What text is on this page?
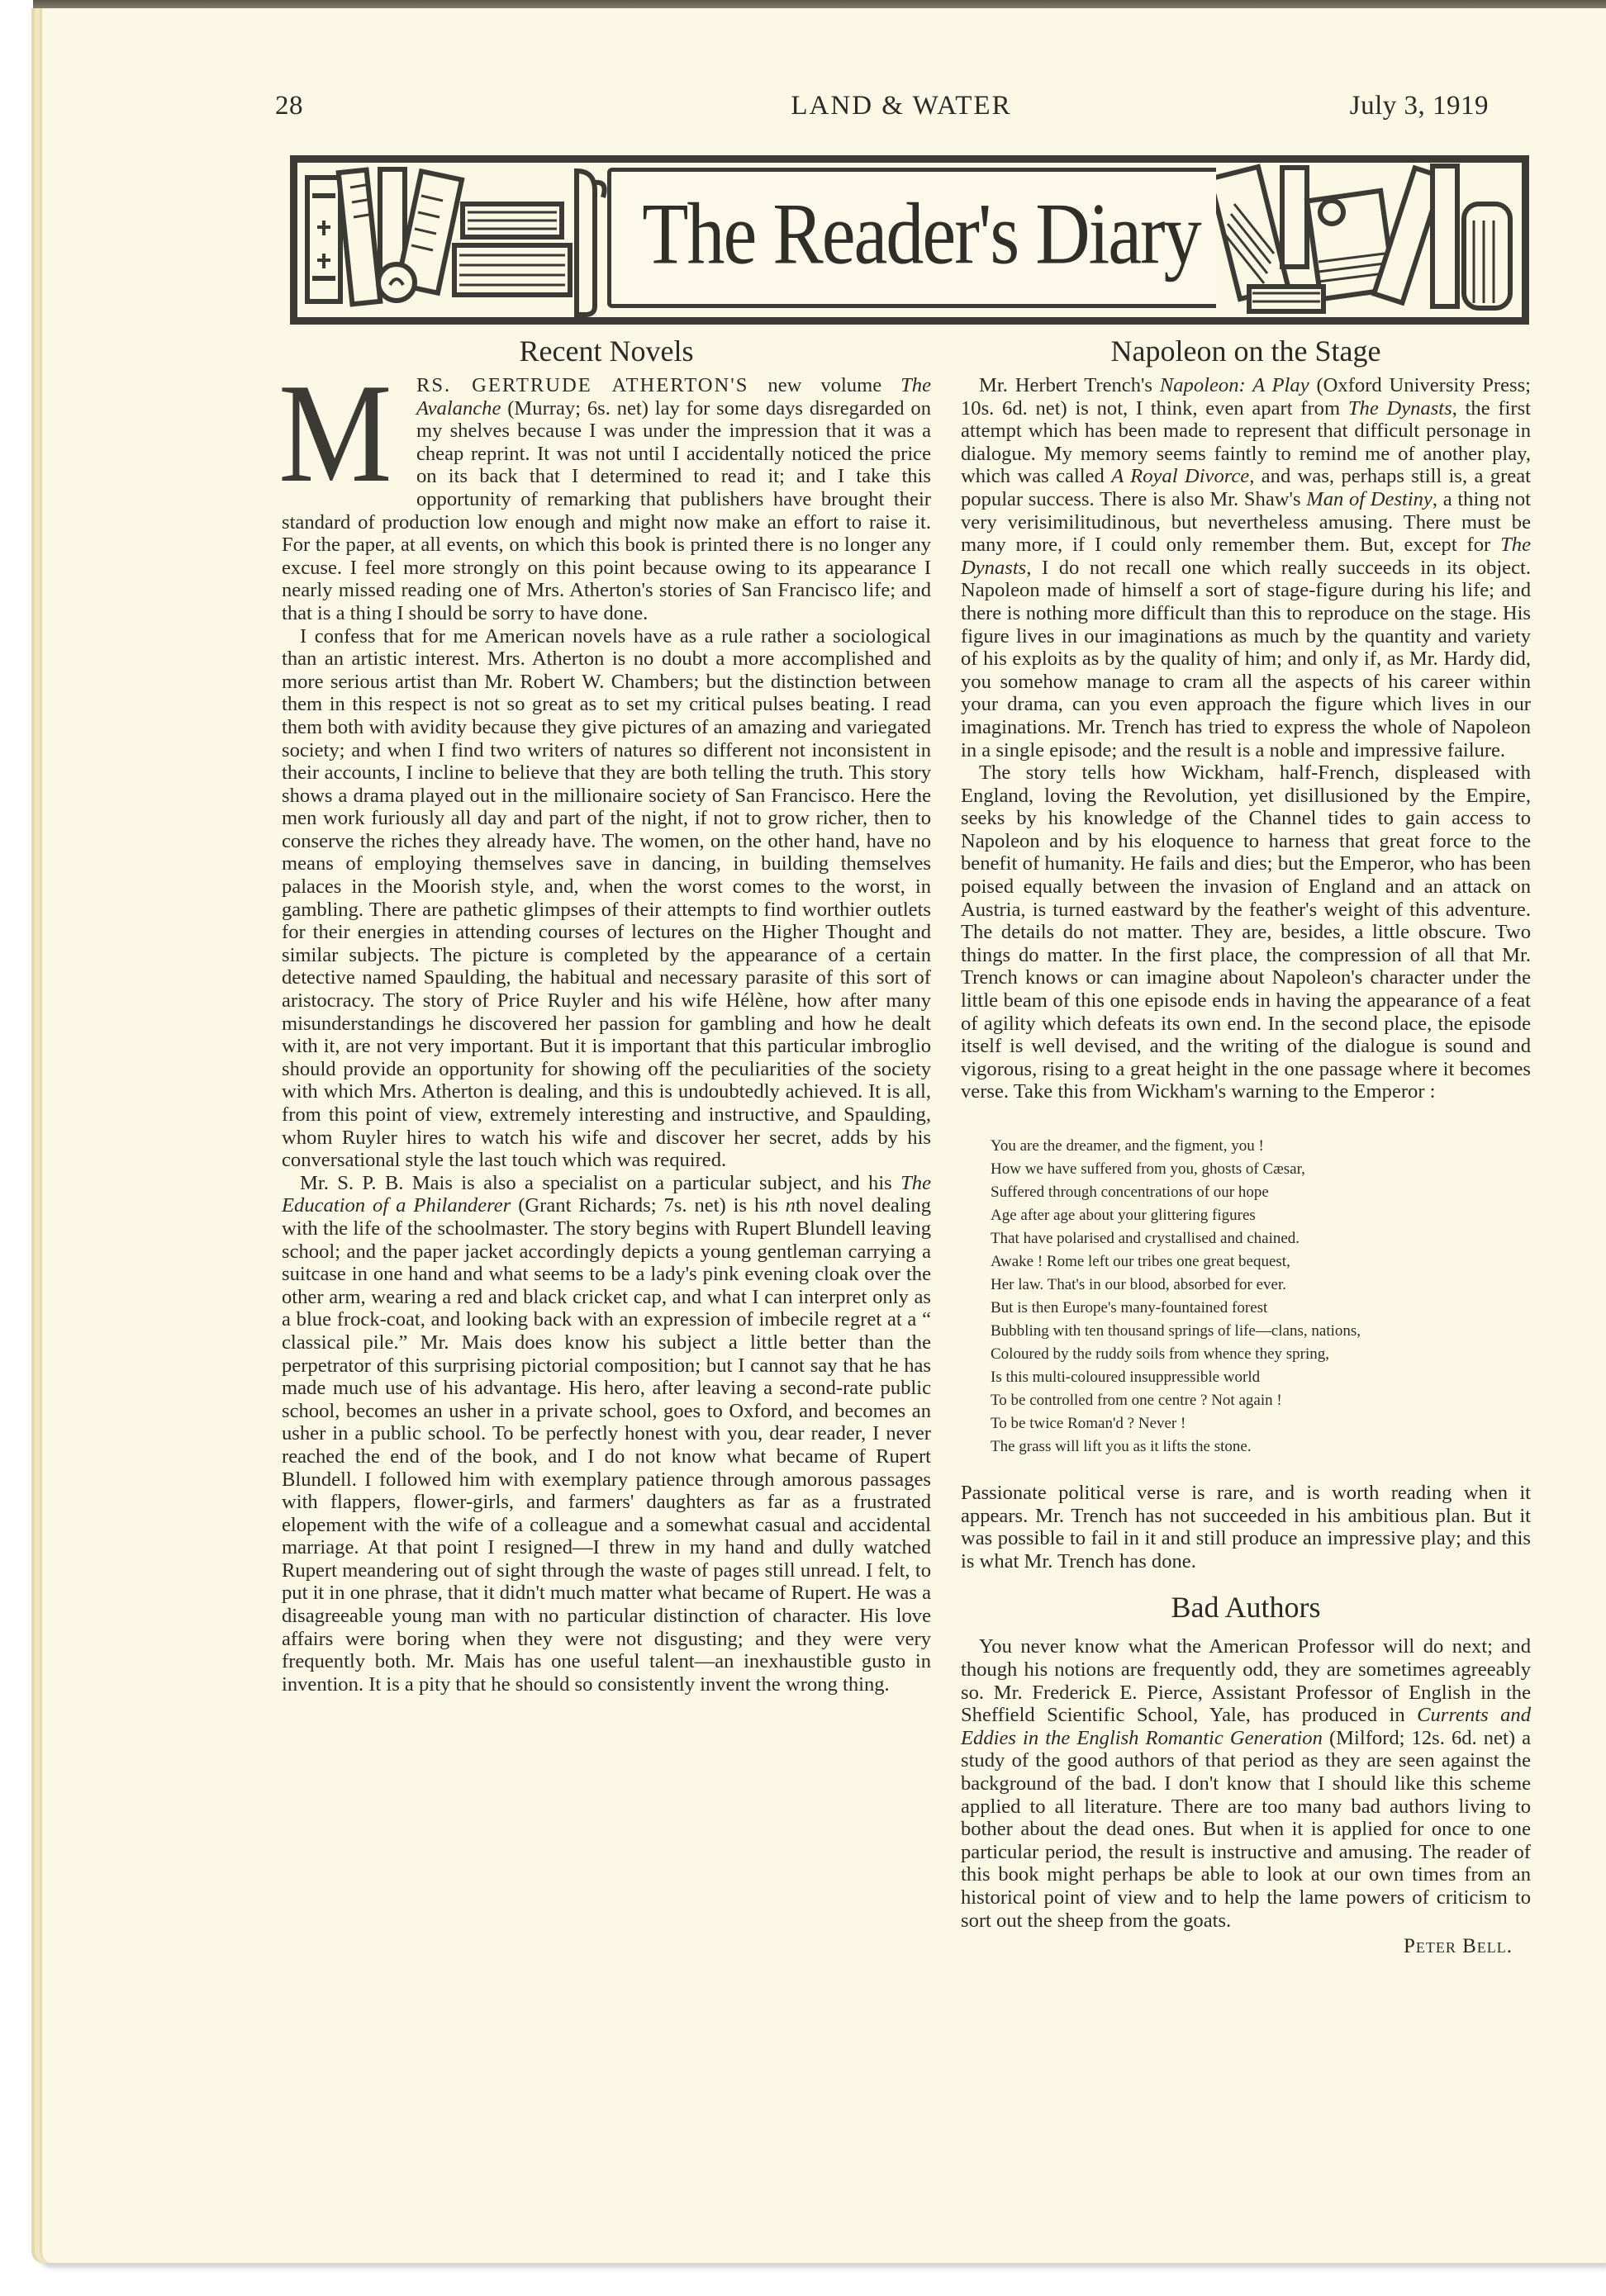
28	LAND & WATER	July 3, 1919
The Reader's Diary
Recent Novels

M RS. GERTRUDE ATHERTON'S new volume The Avalanche (Murray; 6s. net) lay for some days disregarded on my shelves because I was under the impression that it was a cheap reprint. It was not until I accidentally noticed the price on its back that I determined to read it; and I take this opportunity of remarking that publishers have brought their standard of production low enough and might now make an effort to raise it. For the paper, at all events, on which this book is printed there is no longer any excuse. I feel more strongly on this point because owing to its appearance I nearly missed reading one of Mrs. Atherton's stories of San Francisco life; and that is a thing I should be sorry to have done.

I confess that for me American novels have as a rule rather a sociological than an artistic interest. Mrs. Atherton is no doubt a more accomplished and more serious artist than Mr. Robert W. Chambers; but the distinction between them in this respect is not so great as to set my critical pulses beating. I read them both with avidity because they give pictures of an amazing and variegated society; and when I find two writers of natures so different not inconsistent in their accounts, I incline to believe that they are both telling the truth. This story shows a drama played out in the millionaire society of San Francisco. Here the men work furiously all day and part of the night, if not to grow richer, then to conserve the riches they already have. The women, on the other hand, have no means of employing themselves save in dancing, in building themselves palaces in the Moorish style, and, when the worst comes to the worst, in gambling. There are pathetic glimpses of their attempts to find worthier outlets for their energies in attending courses of lectures on the Higher Thought and similar subjects. The picture is completed by the appearance of a certain detective named Spaulding, the habitual and necessary parasite of this sort of aristocracy. The story of Price Ruyler and his wife Hélène, how after many misunderstandings he discovered her passion for gambling and how he dealt with it, are not very important. But it is important that this particular imbroglio should provide an opportunity for showing off the peculiarities of the society with which Mrs. Atherton is dealing, and this is undoubtedly achieved. It is all, from this point of view, extremely interesting and instructive, and Spaulding, whom Ruyler hires to watch his wife and discover her secret, adds by his conversational style the last touch which was required.

Mr. S. P. B. Mais is also a specialist on a particular subject, and his The Education of a Philanderer (Grant Richards; 7s. net) is his nth novel dealing with the life of the schoolmaster. The story begins with Rupert Blundell leaving school; and the paper jacket accordingly depicts a young gentleman carrying a suitcase in one hand and what seems to be a lady's pink evening cloak over the other arm, wearing a red and black cricket cap, and what I can interpret only as a blue frock-coat, and looking back with an expression of imbecile regret at a “ classical pile.” Mr. Mais does know his subject a little better than the perpetrator of this surprising pictorial composition; but I cannot say that he has made much use of his advantage. His hero, after leaving a second-rate public school, becomes an usher in a private school, goes to Oxford, and becomes an usher in a public school. To be perfectly honest with you, dear reader, I never reached the end of the book, and I do not know what became of Rupert Blundell. I followed him with exemplary patience through amorous passages with flappers, flower-girls, and farmers' daughters as far as a frustrated elopement with the wife of a colleague and a somewhat casual and accidental marriage. At that point I resigned—I threw in my hand and dully watched Rupert meandering out of sight through the waste of pages still unread. I felt, to put it in one phrase, that it didn't much matter what became of Rupert. He was a disagreeable young man with no particular distinction of character. His love affairs were boring when they were not disgusting; and they were very frequently both. Mr. Mais has one useful talent—an inexhaustible gusto in invention. It is a pity that he should so consistently invent the wrong thing.

Napoleon on the Stage

Mr. Herbert Trench's Napoleon: A Play (Oxford University Press; 10s. 6d. net) is not, I think, even apart from The Dynasts, the first attempt which has been made to represent that difficult personage in dialogue. My memory seems faintly to remind me of another play, which was called A Royal Divorce, and was, perhaps still is, a great popular success. There is also Mr. Shaw's Man of Destiny, a thing not very verisimilitudinous, but nevertheless amusing. There must be many more, if I could only remember them. But, except for The Dynasts, I do not recall one which really succeeds in its object. Napoleon made of himself a sort of stage-figure during his life; and there is nothing more difficult than this to reproduce on the stage. His figure lives in our imaginations as much by the quantity and variety of his exploits as by the quality of him; and only if, as Mr. Hardy did, you somehow manage to cram all the aspects of his career within your drama, can you even approach the figure which lives in our imaginations. Mr. Trench has tried to express the whole of Napoleon in a single episode; and the result is a noble and impressive failure.

The story tells how Wickham, half-French, displeased with England, loving the Revolution, yet disillusioned by the Empire, seeks by his knowledge of the Channel tides to gain access to Napoleon and by his eloquence to harness that great force to the benefit of humanity. He fails and dies; but the Emperor, who has been poised equally between the invasion of England and an attack on Austria, is turned eastward by the feather's weight of this adventure. The details do not matter. They are, besides, a little obscure. Two things do matter. In the first place, the compression of all that Mr. Trench knows or can imagine about Napoleon's character under the little beam of this one episode ends in having the appearance of a feat of agility which defeats its own end. In the second place, the episode itself is well devised, and the writing of the dialogue is sound and vigorous, rising to a great height in the one passage where it becomes verse. Take this from Wickham's warning to the Emperor :

You are the dreamer, and the figment, you !
How we have suffered from you, ghosts of Cæsar,
Suffered through concentrations of our hope
Age after age about your glittering figures
That have polarised and crystallised and chained.
Awake ! Rome left our tribes one great bequest,
Her law. That's in our blood, absorbed for ever.
But is then Europe's many-fountained forest
Bubbling with ten thousand springs of life—clans, nations,
Coloured by the ruddy soils from whence they spring,
Is this multi-coloured insuppressible world
To be controlled from one centre ? Not again !
To be twice Roman'd ? Never !
The grass will lift you as it lifts the stone.

Passionate political verse is rare, and is worth reading when it appears. Mr. Trench has not succeeded in his ambitious plan. But it was possible to fail in it and still produce an impressive play; and this is what Mr. Trench has done.

Bad Authors

You never know what the American Professor will do next; and though his notions are frequently odd, they are sometimes agreeably so. Mr. Frederick E. Pierce, Assistant Professor of English in the Sheffield Scientific School, Yale, has produced in Currents and Eddies in the English Romantic Generation (Milford; 12s. 6d. net) a study of the good authors of that period as they are seen against the background of the bad. I don't know that I should like this scheme applied to all literature. There are too many bad authors living to bother about the dead ones. But when it is applied for once to one particular period, the result is instructive and amusing. The reader of this book might perhaps be able to look at our own times from an historical point of view and to help the lame powers of criticism to sort out the sheep from the goats.

Peter Bell.
